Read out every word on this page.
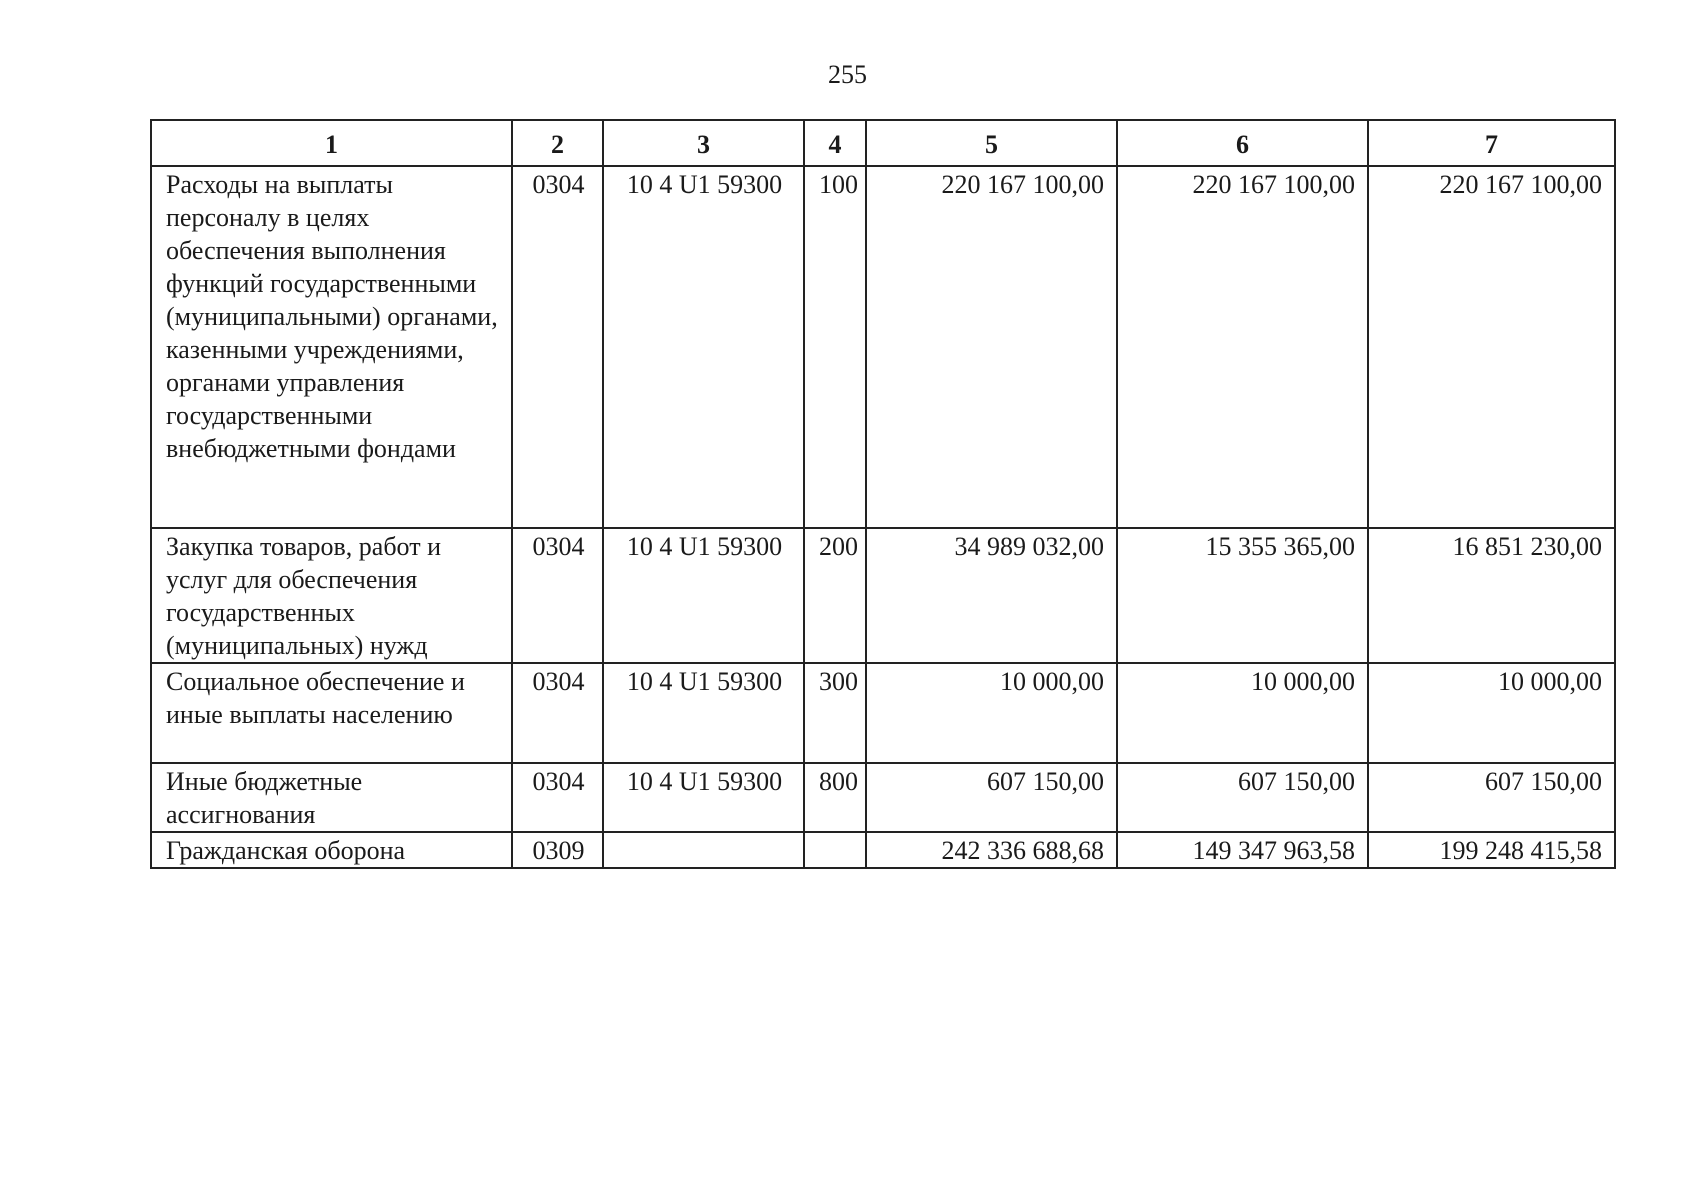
255
1	2	3	4	5	6	7
Расходы на выплаты персоналу в целях обеспечения выполнения функций государственными (муниципальными) органами, казенными учреждениями, органами управления государственными внебюджетными фондами	0304	10 4 U1 59300	100	220 167 100,00	220 167 100,00	220 167 100,00
Закупка товаров, работ и услуг для обеспечения государственных (муниципальных) нужд	0304	10 4 U1 59300	200	34 989 032,00	15 355 365,00	16 851 230,00
Социальное обеспечение и иные выплаты населению	0304	10 4 U1 59300	300	10 000,00	10 000,00	10 000,00
Иные бюджетные ассигнования	0304	10 4 U1 59300	800	607 150,00	607 150,00	607 150,00
Гражданская оборона	0309			242 336 688,68	149 347 963,58	199 248 415,58
